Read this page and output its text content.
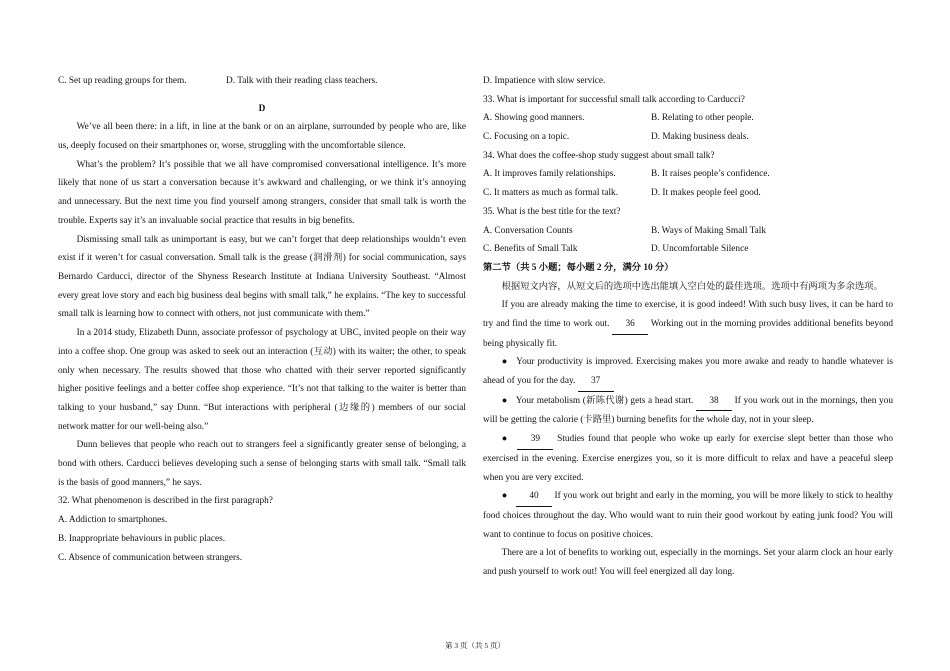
C. Set up reading groups for them.	D. Talk with their reading class teachers.
D

We’ve all been there: in a lift, in line at the bank or on an airplane, surrounded by people who are, like us, deeply focused on their smartphones or, worse, struggling with the uncomfortable silence.

What’s the problem? It’s possible that we all have compromised conversational intelligence. It’s more likely that none of us start a conversation because it’s awkward and challenging, or we think it’s annoying and unnecessary. But the next time you find yourself among strangers, consider that small talk is worth the trouble. Experts say it’s an invaluable social practice that results in big benefits.

Dismissing small talk as unimportant is easy, but we can’t forget that deep relationships wouldn’t even exist if it weren’t for casual conversation. Small talk is the grease (润滑剂) for social communication, says Bernardo Carducci, director of the Shyness Research Institute at Indiana University Southeast. “Almost every great love story and each big business deal begins with small talk,” he explains. “The key to successful small talk is learning how to connect with others, not just communicate with them.”

In a 2014 study, Elizabeth Dunn, associate professor of psychology at UBC, invited people on their way into a coffee shop. One group was asked to seek out an interaction (互动) with its waiter; the other, to speak only when necessary. The results showed that those who chatted with their server reported significantly higher positive feelings and a better coffee shop experience. “It’s not that talking to the waiter is better than talking to your husband,” say Dunn. “But interactions with peripheral (边缘的) members of our social network matter for our well-being also.”

Dunn believes that people who reach out to strangers feel a significantly greater sense of belonging, a bond with others. Carducci believes developing such a sense of belonging starts with small talk. “Small talk is the basis of good manners,” he says.

32. What phenomenon is described in the first paragraph?
A. Addiction to smartphones.
B. Inappropriate behaviours in public places.
C. Absence of communication between strangers.
D. Impatience with slow service.
33. What is important for successful small talk according to Carducci?
A. Showing good manners.	B. Relating to other people.
C. Focusing on a topic.	D. Making business deals.
34. What does the coffee-shop study suggest about small talk?
A. It improves family relationships.	B. It raises people’s confidence.
C. It matters as much as formal talk.	D. It makes people feel good.
35. What is the best title for the text?
A. Conversation Counts	B. Ways of Making Small Talk
C. Benefits of Small Talk	D. Uncomfortable Silence
第二节（共 5 小题；每小题 2 分，满分 10 分）

根据短文内容，从短文后的选项中选出能填入空白处的最佳选项。选项中有两项为多余选项。

If you are already making the time to exercise, it is good indeed! With such busy lives, it can be hard to try and find the time to work out. 36 Working out in the morning provides additional benefits beyond being physically fit.

● Your productivity is improved. Exercising makes you more awake and ready to handle whatever is ahead of you for the day. 37

● Your metabolism (新陈代谢) gets a head start. 38 If you work out in the mornings, then you will be getting the calorie (卡路里) burning benefits for the whole day, not in your sleep.

●	39 Studies found that people who woke up early for exercise slept better than those who exercised in the evening. Exercise energizes you, so it is more difficult to relax and have a peaceful sleep when you are very excited.

● 40 If you work out bright and early in the morning, you will be more likely to stick to healthy food choices throughout the day. Who would want to ruin their good workout by eating junk food? You will want to continue to focus on positive choices.

There are a lot of benefits to working out, especially in the mornings. Set your alarm clock an hour early and push yourself to work out! You will feel energized all day long.

第 3 页（共 5 页）
